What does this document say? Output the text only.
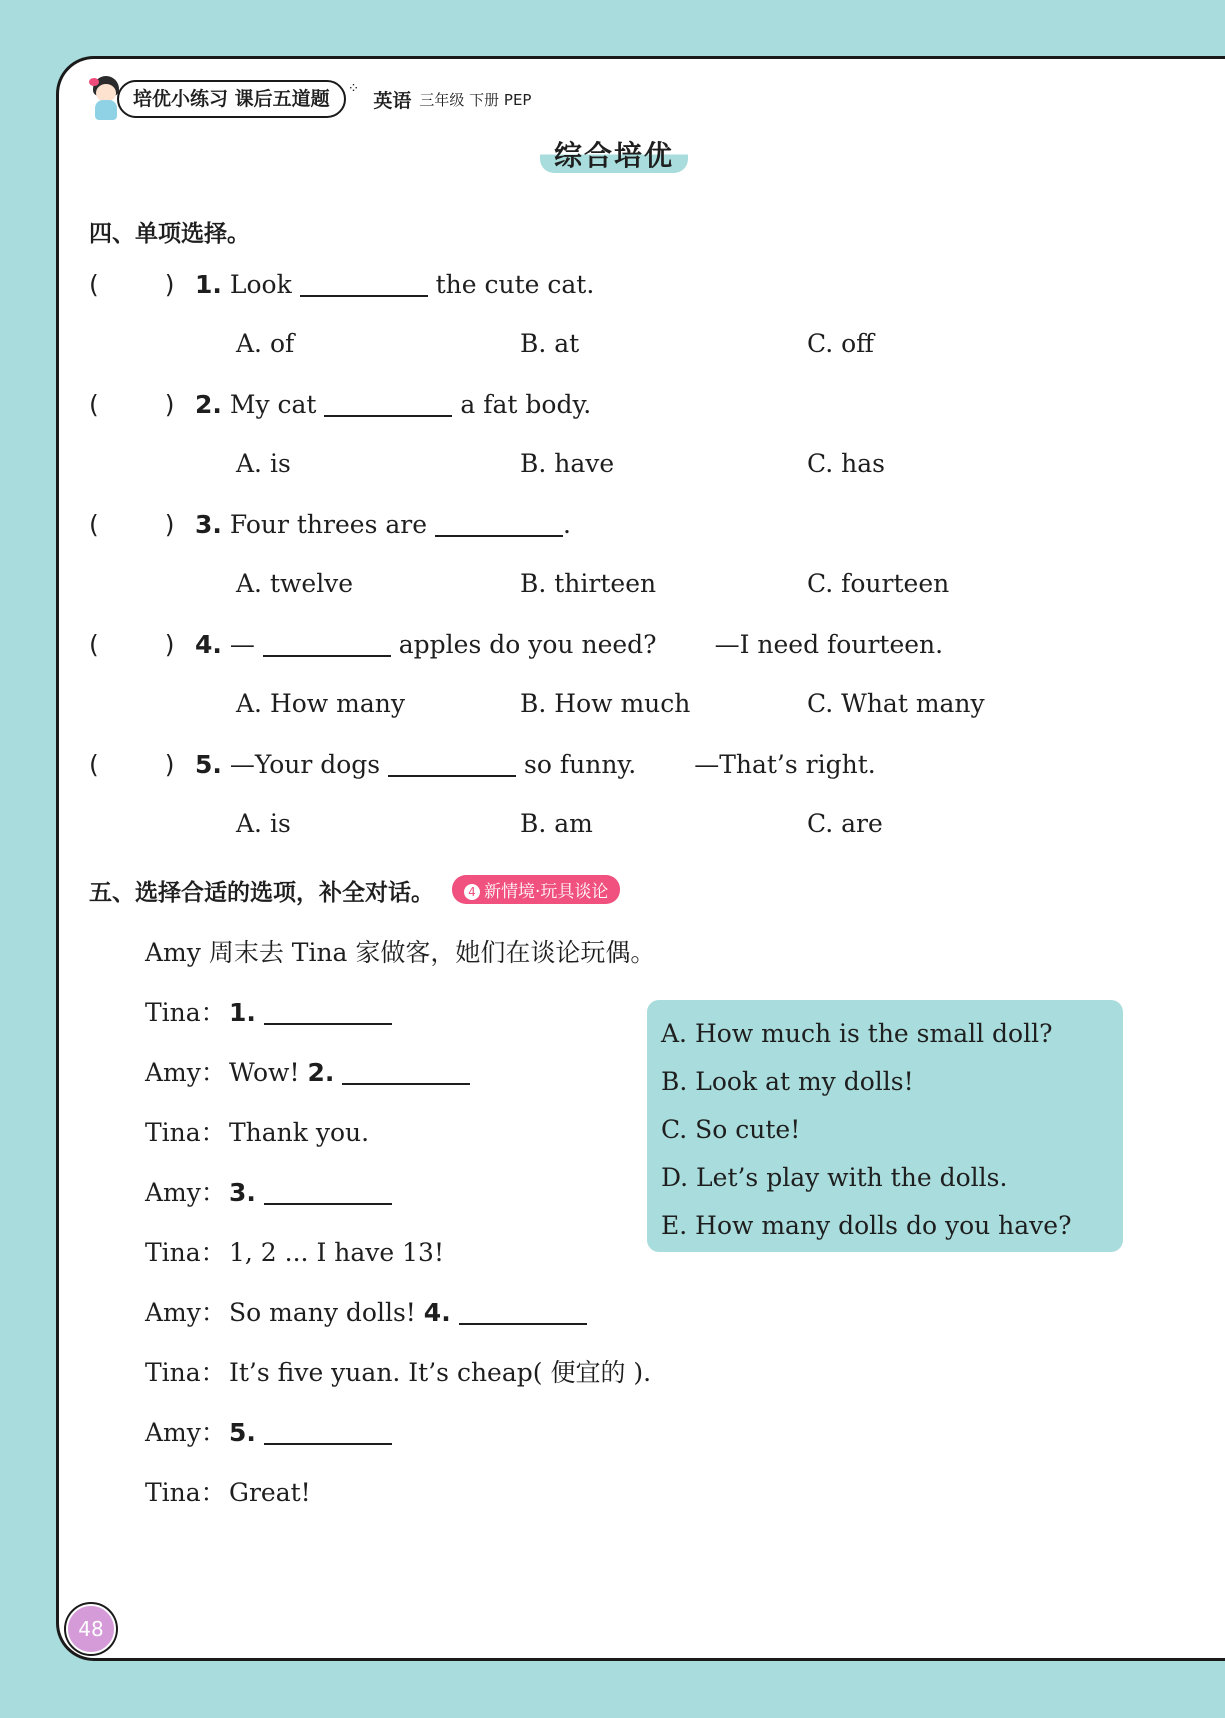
培优小练习 课后五道题	⁘
英语 三年级 下册 PEP
综合培优
四、单项选择。
(	) 1. Look	the cute cat.
A. of	B. at	C. off
(	) 2. My cat	a fat body.
A. is	B. have	C. has
(	) 3. Four threes are	.
A. twelve	B. thirteen	C. fourteen
(	) 4. —	apples do you need? —I need fourteen.
A. How many	B. How much	C. What many
(	) 5. —Your dogs	so funny. —That’s right.
A. is	B. am	C. are
五、选择合适的选项，补全对话。	4 新情境·玩具谈论
Amy 周末去 Tina 家做客，她们在谈论玩偶。
Tina： 1.
Amy： Wow! 2.
Tina： Thank you.
Amy： 3.
Tina： 1, 2 ... I have 13!
Amy： So many dolls! 4.
Tina： It’s five yuan. It’s cheap( 便宜的 ).
Amy： 5.
Tina： Great!
A. How much is the small doll?
B. Look at my dolls!
C. So cute!
D. Let’s play with the dolls.
E. How many dolls do you have?
48
